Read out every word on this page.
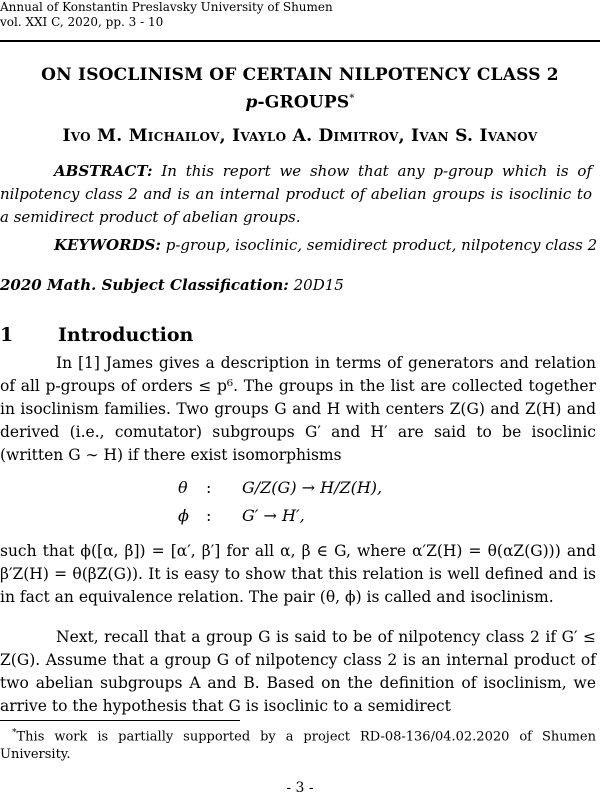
Annual of Konstantin Preslavsky University of Shumen
vol. XXI C, 2020, pp. 3 - 10
ON ISOCLINISM OF CERTAIN NILPOTENCY CLASS 2
p-GROUPS*
Ivo M. Michailov, Ivaylo A. Dimitrov, Ivan S. Ivanov
ABSTRACT: In this report we show that any p-group which is of nilpotency class 2 and is an internal product of abelian groups is isoclinic to a semidirect product of abelian groups.
KEYWORDS: p-group, isoclinic, semidirect product, nilpotency class 2
2020 Math. Subject Classification: 20D15
1 Introduction
In [1] James gives a description in terms of generators and relation of all p-groups of orders ≤ p⁶. The groups in the list are collected together in isoclinism families. Two groups G and H with centers Z(G) and Z(H) and derived (i.e., comutator) subgroups G′ and H′ are said to be isoclinic (written G ∼ H) if there exist isomorphisms
θ	:	G/Z(G) → H/Z(H),
ϕ	:	G′ → H′,
such that ϕ([α, β]) = [α′, β′] for all α, β ∈ G, where α′Z(H) = θ(αZ(G))) and β′Z(H) = θ(βZ(G)). It is easy to show that this relation is well defined and is in fact an equivalence relation. The pair (θ, ϕ) is called and isoclinism.
Next, recall that a group G is said to be of nilpotency class 2 if G′ ≤ Z(G). Assume that a group G of nilpotency class 2 is an internal product of two abelian subgroups A and B. Based on the definition of isoclinism, we arrive to the hypothesis that G is isoclinic to a semidirect
*This work is partially supported by a project RD-08-136/04.02.2020 of Shumen University.
- 3 -
